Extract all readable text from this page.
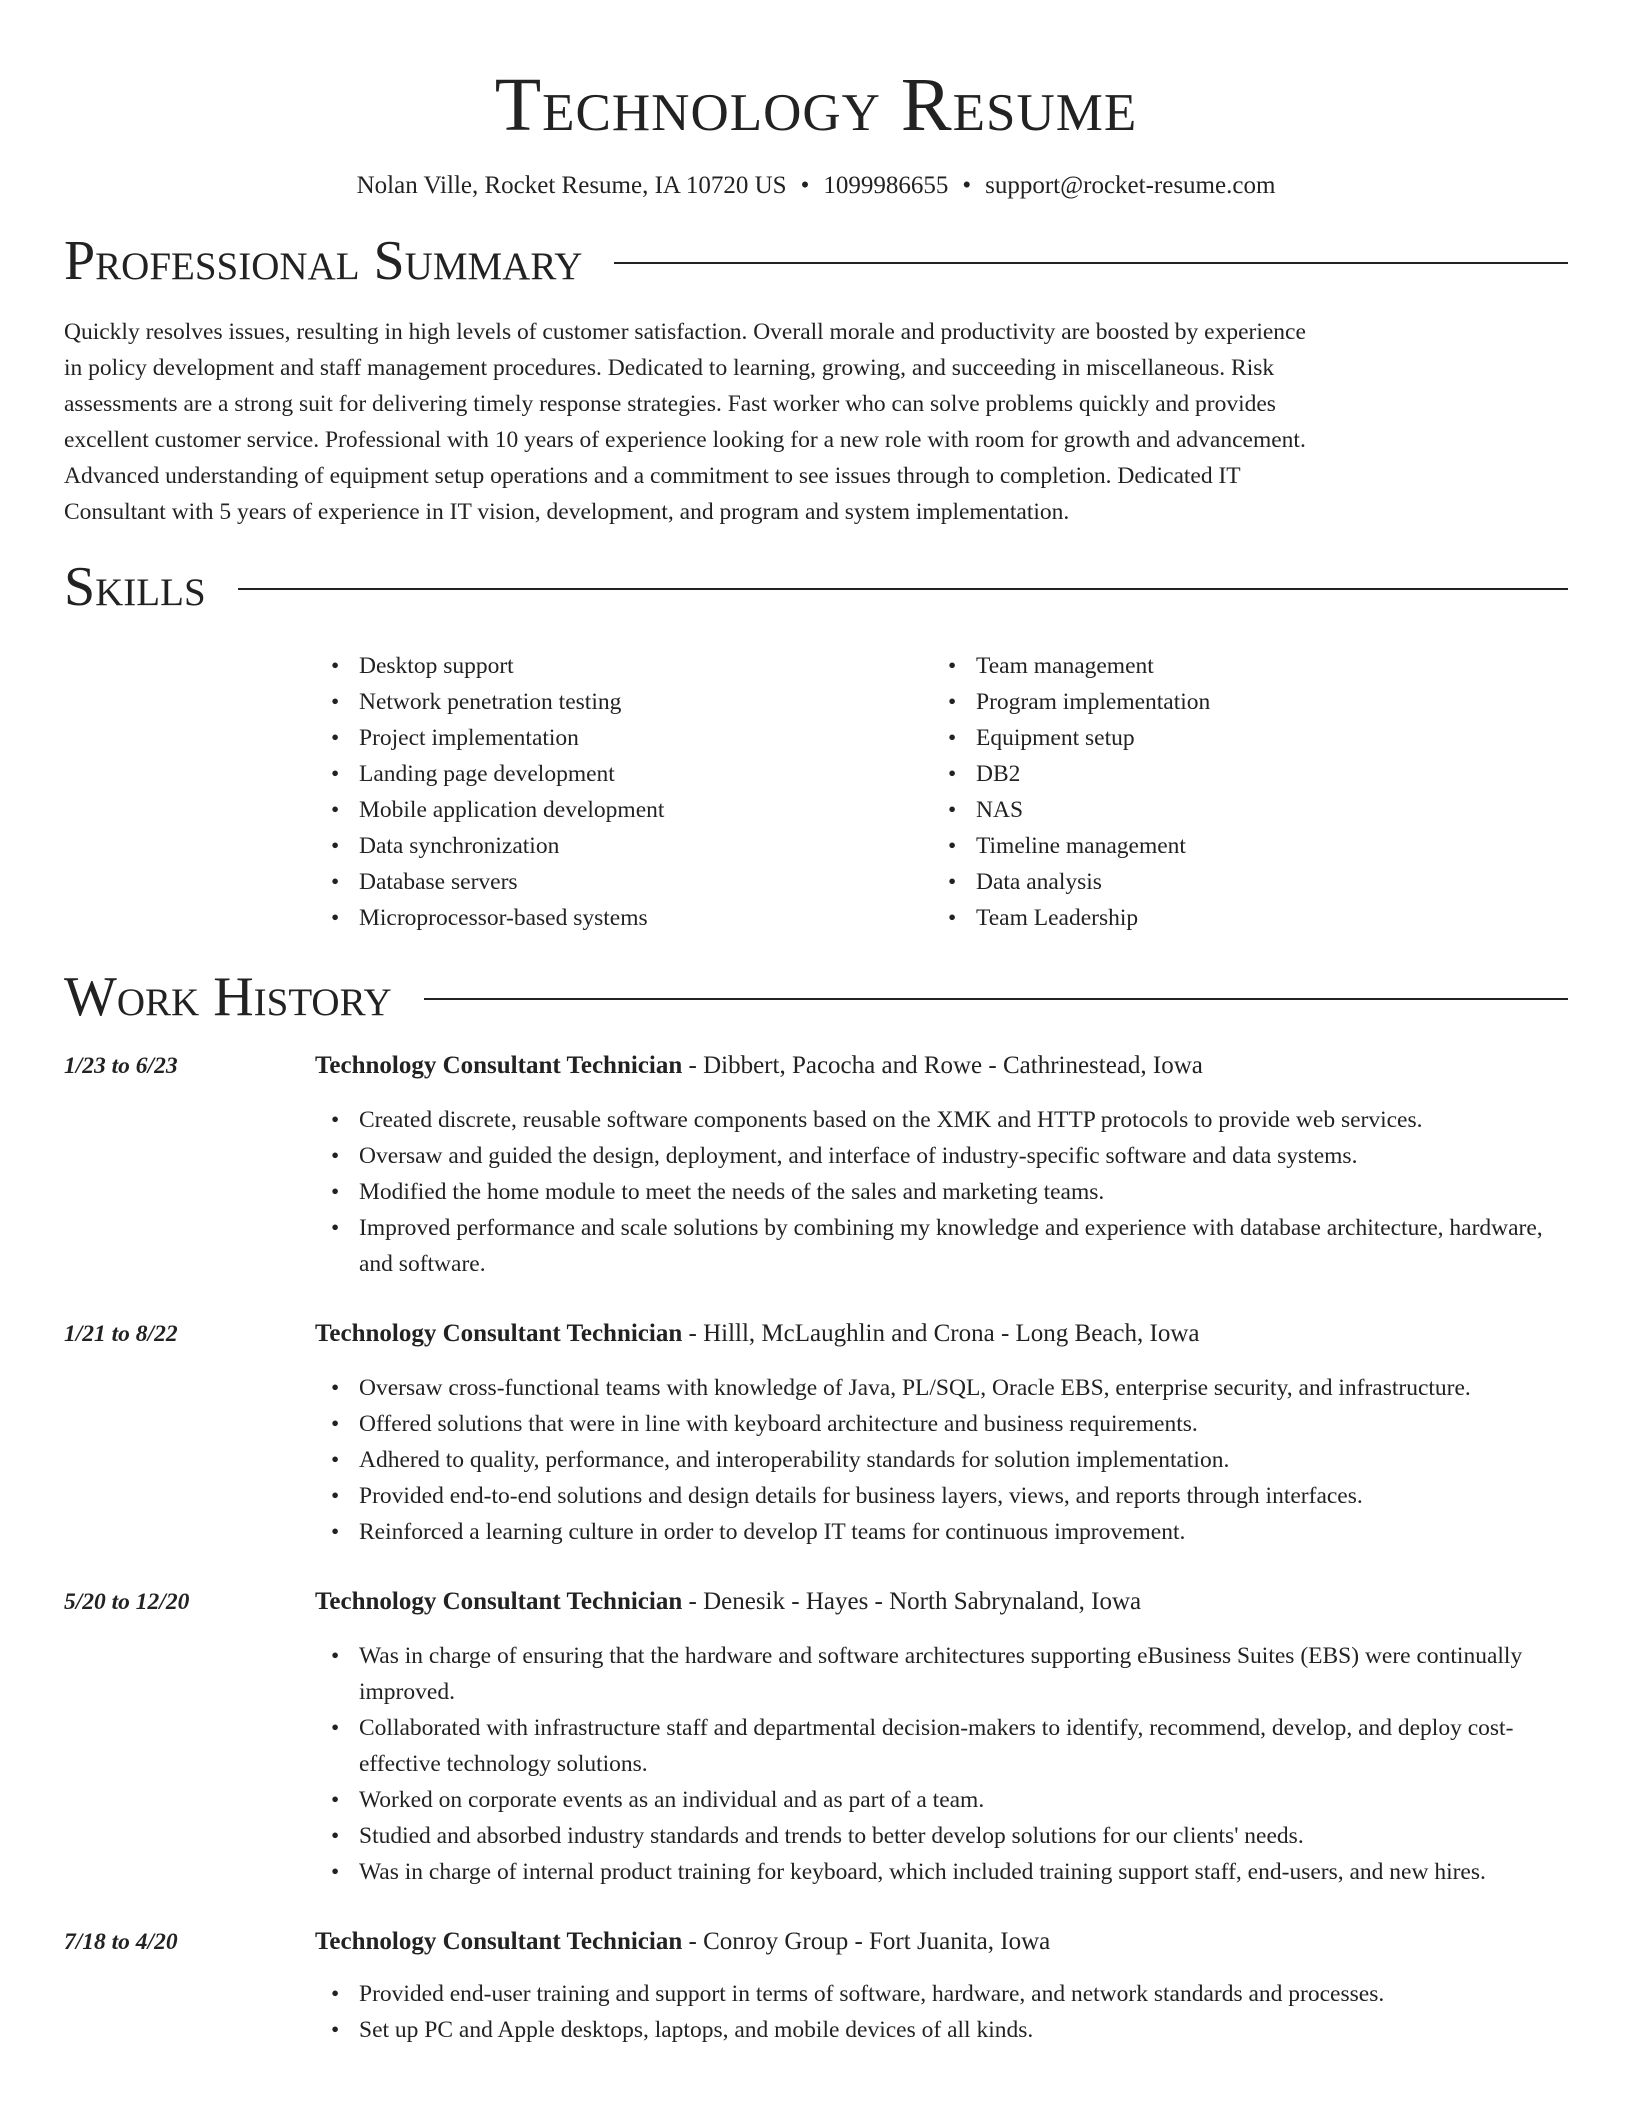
Technology Resume
Nolan Ville, Rocket Resume, IA 10720 US • 1099986655 • support@rocket-resume.com
Professional Summary

Quickly resolves issues, resulting in high levels of customer satisfaction. Overall morale and productivity are boosted by experience in policy development and staff management procedures. Dedicated to learning, growing, and succeeding in miscellaneous. Risk assessments are a strong suit for delivering timely response strategies. Fast worker who can solve problems quickly and provides excellent customer service. Professional with 10 years of experience looking for a new role with room for growth and advancement. Advanced understanding of equipment setup operations and a commitment to see issues through to completion. Dedicated IT Consultant with 5 years of experience in IT vision, development, and program and system implementation.

Skills
• Desktop support
• Network penetration testing
• Project implementation
• Landing page development
• Mobile application development
• Data synchronization
• Database servers
• Microprocessor-based systems
• Team management
• Program implementation
• Equipment setup
• DB2
• NAS
• Timeline management
• Data analysis
• Team Leadership
Work History
1/23 to 6/23	Technology Consultant Technician - Dibbert, Pacocha and Rowe - Cathrinestead, Iowa
• Created discrete, reusable software components based on the XMK and HTTP protocols to provide web services.
• Oversaw and guided the design, deployment, and interface of industry-specific software and data systems.
• Modified the home module to meet the needs of the sales and marketing teams.
• Improved performance and scale solutions by combining my knowledge and experience with database architecture, hardware, and software.
1/21 to 8/22	Technology Consultant Technician - Hilll, McLaughlin and Crona - Long Beach, Iowa
• Oversaw cross-functional teams with knowledge of Java, PL/SQL, Oracle EBS, enterprise security, and infrastructure.
• Offered solutions that were in line with keyboard architecture and business requirements.
• Adhered to quality, performance, and interoperability standards for solution implementation.
• Provided end-to-end solutions and design details for business layers, views, and reports through interfaces.
• Reinforced a learning culture in order to develop IT teams for continuous improvement.
5/20 to 12/20	Technology Consultant Technician - Denesik - Hayes - North Sabrynaland, Iowa
• Was in charge of ensuring that the hardware and software architectures supporting eBusiness Suites (EBS) were continually improved.
• Collaborated with infrastructure staff and departmental decision-makers to identify, recommend, develop, and deploy cost-effective technology solutions.
• Worked on corporate events as an individual and as part of a team.
• Studied and absorbed industry standards and trends to better develop solutions for our clients' needs.
• Was in charge of internal product training for keyboard, which included training support staff, end-users, and new hires.
7/18 to 4/20	Technology Consultant Technician - Conroy Group - Fort Juanita, Iowa
• Provided end-user training and support in terms of software, hardware, and network standards and processes.
• Set up PC and Apple desktops, laptops, and mobile devices of all kinds.
